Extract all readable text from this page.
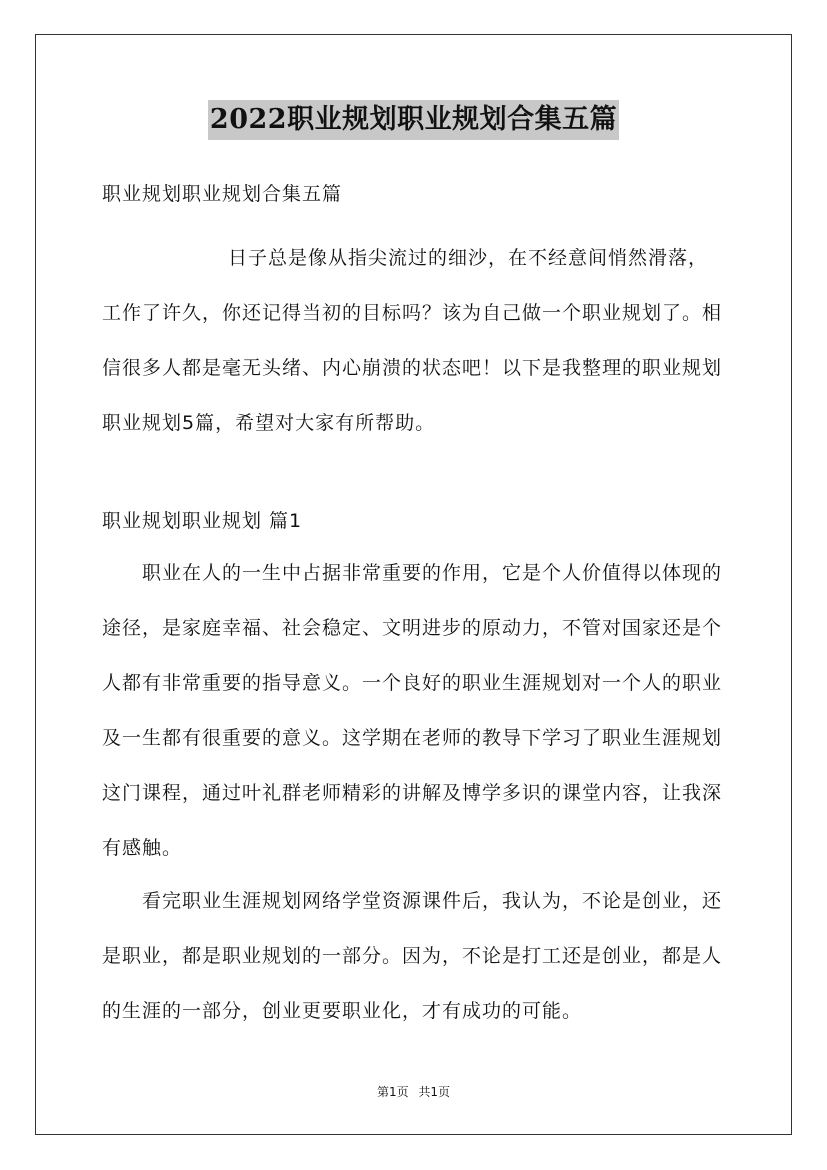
2022职业规划职业规划合集五篇
职业规划职业规划合集五篇
日子总是像从指尖流过的细沙，在不经意间悄然滑落，工作了许久，你还记得当初的目标吗？该为自己做一个职业规划了。相信很多人都是毫无头绪、内心崩溃的状态吧！以下是我整理的职业规划职业规划5篇，希望对大家有所帮助。
职业规划职业规划 篇1
职业在人的一生中占据非常重要的作用，它是个人价值得以体现的途径，是家庭幸福、社会稳定、文明进步的原动力，不管对国家还是个人都有非常重要的指导意义。一个良好的职业生涯规划对一个人的职业及一生都有很重要的意义。这学期在老师的教导下学习了职业生涯规划这门课程，通过叶礼群老师精彩的讲解及博学多识的课堂内容，让我深有感触。
看完职业生涯规划网络学堂资源课件后，我认为，不论是创业，还是职业，都是职业规划的一部分。因为，不论是打工还是创业，都是人的生涯的一部分，创业更要职业化，才有成功的可能。
第1页 共1页
